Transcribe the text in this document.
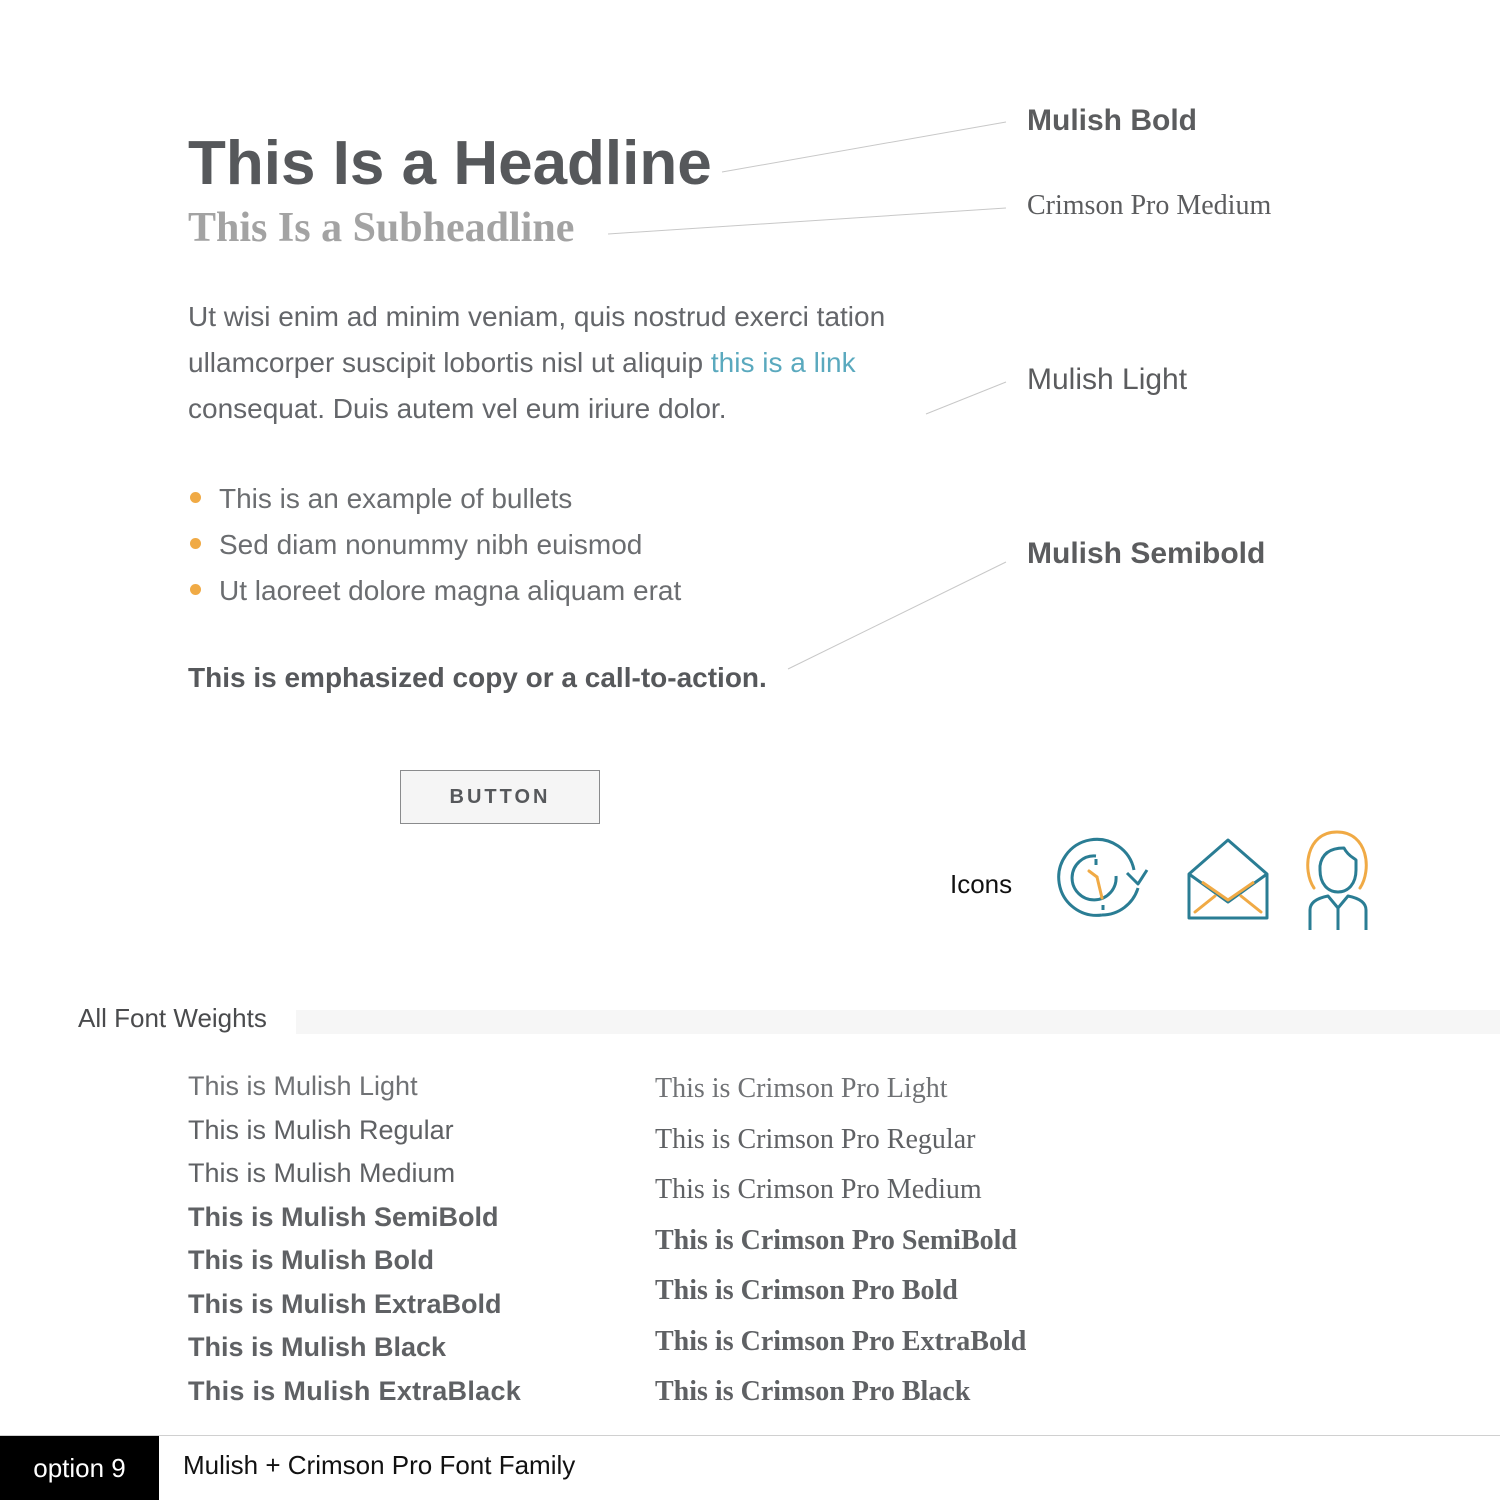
This Is a Headline
This Is a Subheadline

Ut wisi enim ad minim veniam, quis nostrud exerci tation ullamcorper suscipit lobortis nisl ut aliquip this is a link consequat. Duis autem vel eum iriure dolor.

This is an example of bullets
Sed diam nonummy nibh euismod
Ut laoreet dolore magna aliquam erat
This is emphasized copy or a call-to-action.
BUTTON
Mulish Bold
Crimson Pro Medium
Mulish Light
Mulish Semibold
Icons
All Font Weights
This is Mulish Light
This is Mulish Regular
This is Mulish Medium
This is Mulish SemiBold
This is Mulish Bold
This is Mulish ExtraBold
This is Mulish Black
This is Mulish ExtraBlack
This is Crimson Pro Light
This is Crimson Pro Regular
This is Crimson Pro Medium
This is Crimson Pro SemiBold
This is Crimson Pro Bold
This is Crimson Pro ExtraBold
This is Crimson Pro Black
option 9	Mulish + Crimson Pro Font Family
